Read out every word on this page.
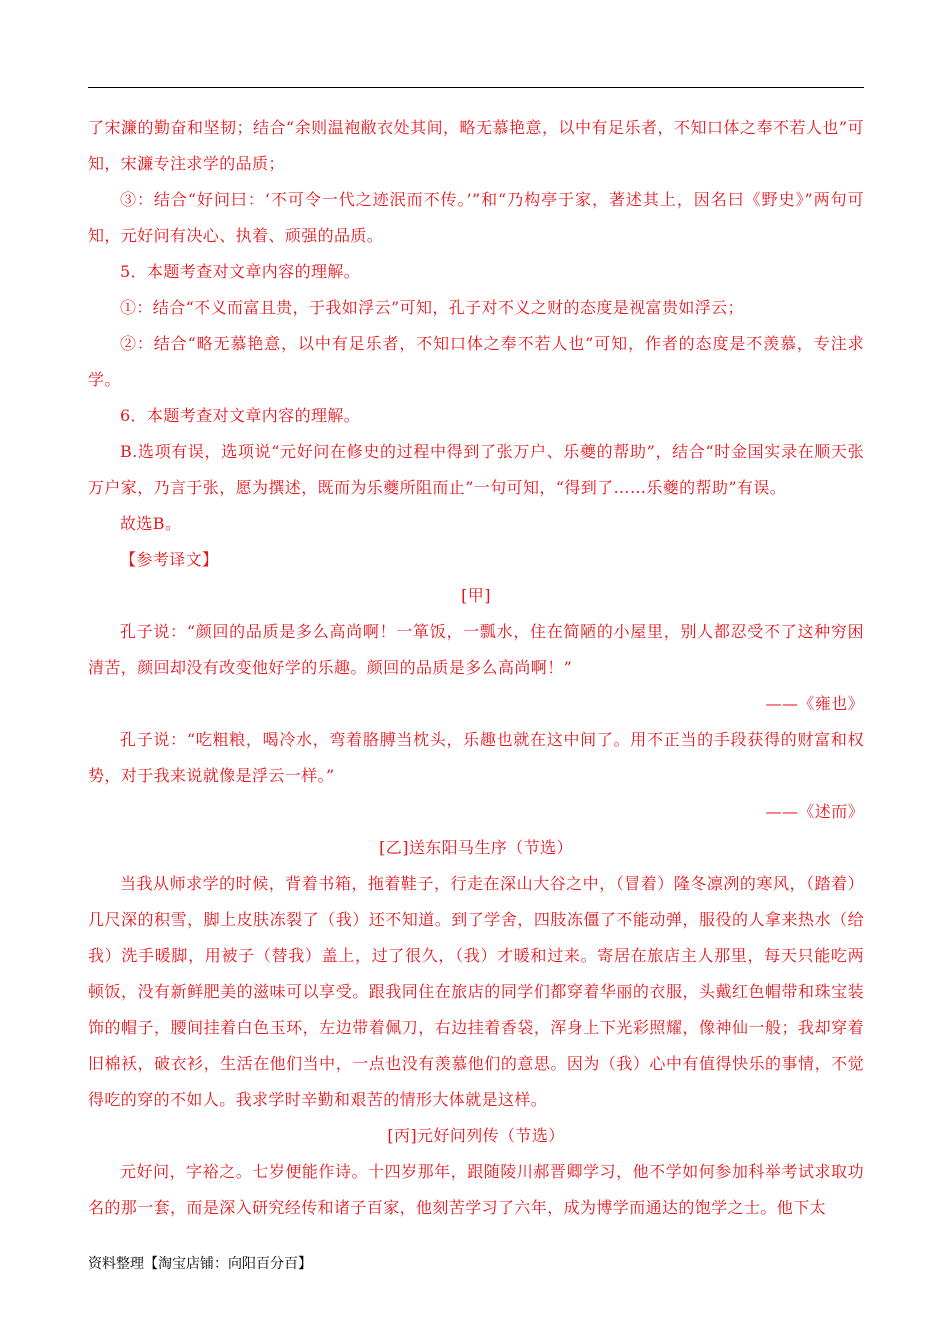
了宋濂的勤奋和坚韧；结合“余则温袍敝衣处其间，略无慕艳意，以中有足乐者，不知口体之奉不若人也”可知，宋濂专注求学的品质；

③：结合“好问曰：‘不可令一代之迹泯而不传。’”和“乃构亭于家，著述其上，因名曰《野史》”两句可知，元好问有决心、执着、顽强的品质。

5．本题考查对文章内容的理解。

①：结合“不义而富且贵，于我如浮云”可知，孔子对不义之财的态度是视富贵如浮云；

②：结合“略无慕艳意，以中有足乐者，不知口体之奉不若人也”可知，作者的态度是不羡慕，专注求学。

6．本题考查对文章内容的理解。

B.选项有误，选项说“元好问在修史的过程中得到了张万户、乐夔的帮助”，结合“时金国实录在顺天张万户家，乃言于张，愿为撰述，既而为乐夔所阻而止”一句可知，“得到了……乐夔的帮助”有误。

故选B。

【参考译文】

[甲]

孔子说：“颜回的品质是多么高尚啊！一箪饭，一瓢水，住在简陋的小屋里，别人都忍受不了这种穷困清苦，颜回却没有改变他好学的乐趣。颜回的品质是多么高尚啊！”

——《雍也》

孔子说：“吃粗粮，喝冷水，弯着胳膊当枕头，乐趣也就在这中间了。用不正当的手段获得的财富和权势，对于我来说就像是浮云一样。”

——《述而》

[乙]送东阳马生序（节选）

当我从师求学的时候，背着书箱，拖着鞋子，行走在深山大谷之中，（冒着）隆冬凛冽的寒风，（踏着）几尺深的积雪，脚上皮肤冻裂了（我）还不知道。到了学舍，四肢冻僵了不能动弹，服役的人拿来热水（给我）洗手暖脚，用被子（替我）盖上，过了很久，（我）才暖和过来。寄居在旅店主人那里，每天只能吃两顿饭，没有新鲜肥美的滋味可以享受。跟我同住在旅店的同学们都穿着华丽的衣服，头戴红色帽带和珠宝装饰的帽子，腰间挂着白色玉环，左边带着佩刀，右边挂着香袋，浑身上下光彩照耀，像神仙一般；我却穿着旧棉袄，破衣衫，生活在他们当中，一点也没有羡慕他们的意思。因为（我）心中有值得快乐的事情，不觉得吃的穿的不如人。我求学时辛勤和艰苦的情形大体就是这样。

[丙]元好问列传（节选）

元好问，字裕之。七岁便能作诗。十四岁那年，跟随陵川郝晋卿学习，他不学如何参加科举考试求取功名的那一套，而是深入研究经传和诸子百家，他刻苦学习了六年，成为博学而通达的饱学之士。他下太

资料整理【淘宝店铺：向阳百分百】
